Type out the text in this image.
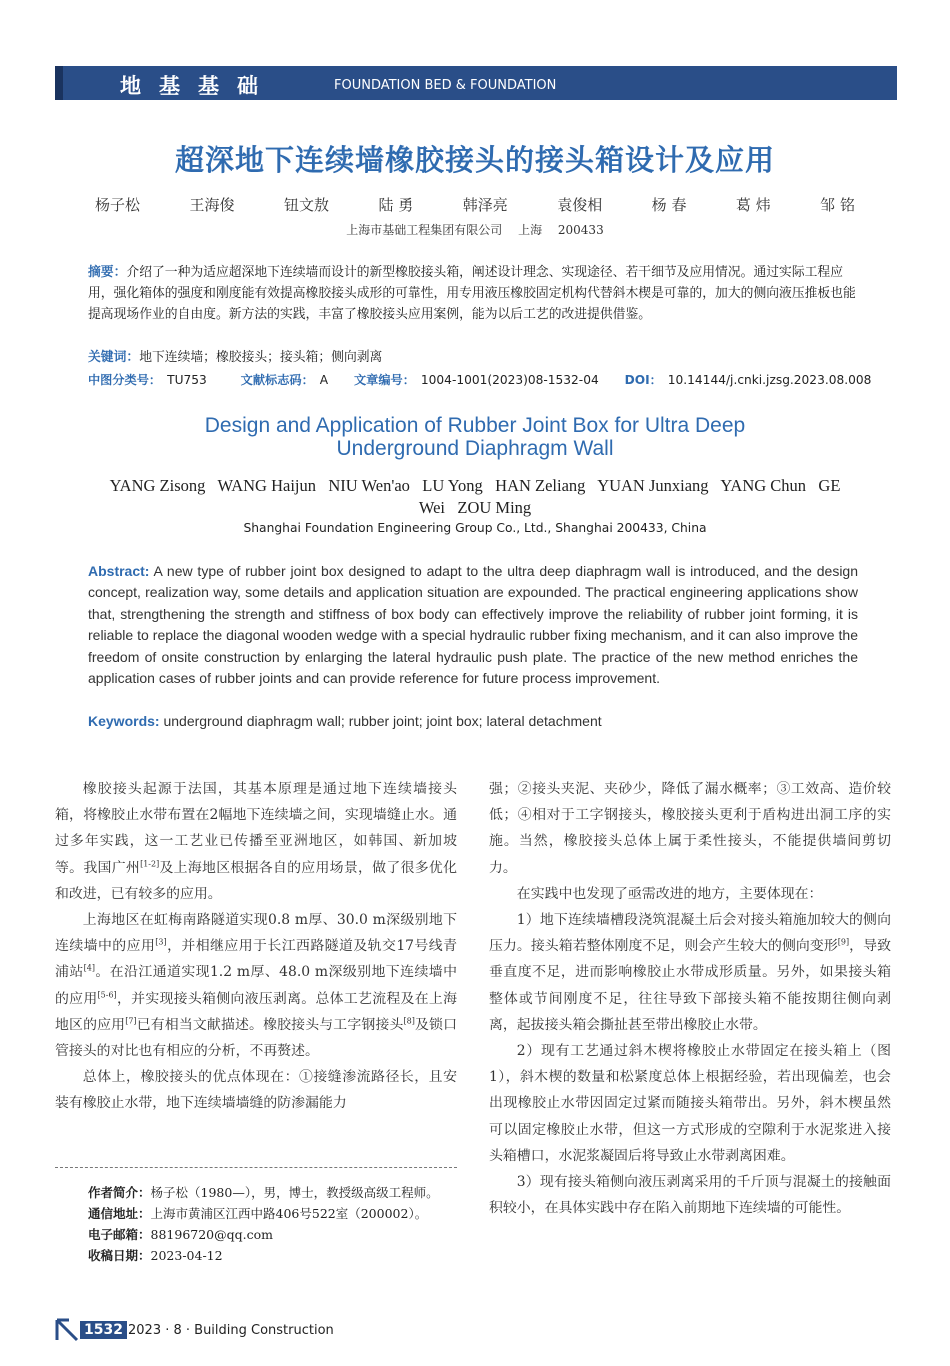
地基基础	FOUNDATION BED & FOUNDATION
超深地下连续墙橡胶接头的接头箱设计及应用
杨子松	王海俊	钮文敖	陆 勇	韩泽亮	袁俊相	杨 春	葛 炜	邹 铭
上海市基础工程集团有限公司　 上海　 200433
摘要：介绍了一种为适应超深地下连续墙而设计的新型橡胶接头箱，阐述设计理念、实现途径、若干细节及应用情况。通过实际工程应用，强化箱体的强度和刚度能有效提高橡胶接头成形的可靠性，用专用液压橡胶固定机构代替斜木楔是可靠的，加大的侧向液压推板也能提高现场作业的自由度。新方法的实践，丰富了橡胶接头应用案例，能为以后工艺的改进提供借鉴。
关键词：地下连续墙；橡胶接头；接头箱；侧向剥离
中图分类号： TU753	文献标志码： A 文章编号： 1004-1001(2023)08-1532-04 DOI： 10.14144/j.cnki.jzsg.2023.08.008
Design and Application of Rubber Joint Box for Ultra Deep Underground Diaphragm Wall
YANG Zisong   WANG Haijun   NIU Wen'ao   LU Yong   HAN Zeliang   YUAN Junxiang   YANG Chun   GE Wei   ZOU Ming
Shanghai Foundation Engineering Group Co., Ltd., Shanghai 200433, China
Abstract: A new type of rubber joint box designed to adapt to the ultra deep diaphragm wall is introduced, and the design concept, realization way, some details and application situation are expounded. The practical engineering applications show that, strengthening the strength and stiffness of box body can effectively improve the reliability of rubber joint forming, it is reliable to replace the diagonal wooden wedge with a special hydraulic rubber fixing mechanism, and it can also improve the freedom of onsite construction by enlarging the lateral hydraulic push plate. The practice of the new method enriches the application cases of rubber joints and can provide reference for future process improvement.
Keywords: underground diaphragm wall; rubber joint; joint box; lateral detachment

橡胶接头起源于法国，其基本原理是通过地下连续墙接头箱，将橡胶止水带布置在2幅地下连续墙之间，实现墙缝止水。通过多年实践，这一工艺业已传播至亚洲地区，如韩国、新加坡等。我国广州[1-2]及上海地区根据各自的应用场景，做了很多优化和改进，已有较多的应用。

上海地区在虹梅南路隧道实现0.8 m厚、30.0 m深级别地下连续墙中的应用[3]，并相继应用于长江西路隧道及轨交17号线青浦站[4]。在沿江通道实现1.2 m厚、48.0 m深级别地下连续墙中的应用[5-6]，并实现接头箱侧向液压剥离。总体工艺流程及在上海地区的应用[7]已有相当文献描述。橡胶接头与工字钢接头[8]及锁口管接头的对比也有相应的分析，不再赘述。

总体上，橡胶接头的优点体现在：①接缝渗流路径长，且安装有橡胶止水带，地下连续墙墙缝的防渗漏能力

强；②接头夹泥、夹砂少，降低了漏水概率；③工效高、造价较低；④相对于工字钢接头，橡胶接头更利于盾构进出洞工序的实施。当然，橡胶接头总体上属于柔性接头，不能提供墙间剪切力。

在实践中也发现了亟需改进的地方，主要体现在：

1）地下连续墙槽段浇筑混凝土后会对接头箱施加较大的侧向压力。接头箱若整体刚度不足，则会产生较大的侧向变形[9]，导致垂直度不足，进而影响橡胶止水带成形质量。另外，如果接头箱整体或节间刚度不足，往往导致下部接头箱不能按期往侧向剥离，起拔接头箱会撕扯甚至带出橡胶止水带。

2）现有工艺通过斜木楔将橡胶止水带固定在接头箱上（图1），斜木楔的数量和松紧度总体上根据经验，若出现偏差，也会出现橡胶止水带因固定过紧而随接头箱带出。另外，斜木楔虽然可以固定橡胶止水带，但这一方式形成的空隙利于水泥浆进入接头箱槽口，水泥浆凝固后将导致止水带剥离困难。

3）现有接头箱侧向液压剥离采用的千斤顶与混凝土的接触面积较小，在具体实践中存在陷入前期地下连续墙的可能性。

作者简介：杨子松（1980—），男，博士，教授级高级工程师。
通信地址：上海市黄浦区江西中路406号522室（200002）。
电子邮箱：88196720@qq.com
收稿日期：2023-04-12
1532 2023 · 8 · Building Construction
